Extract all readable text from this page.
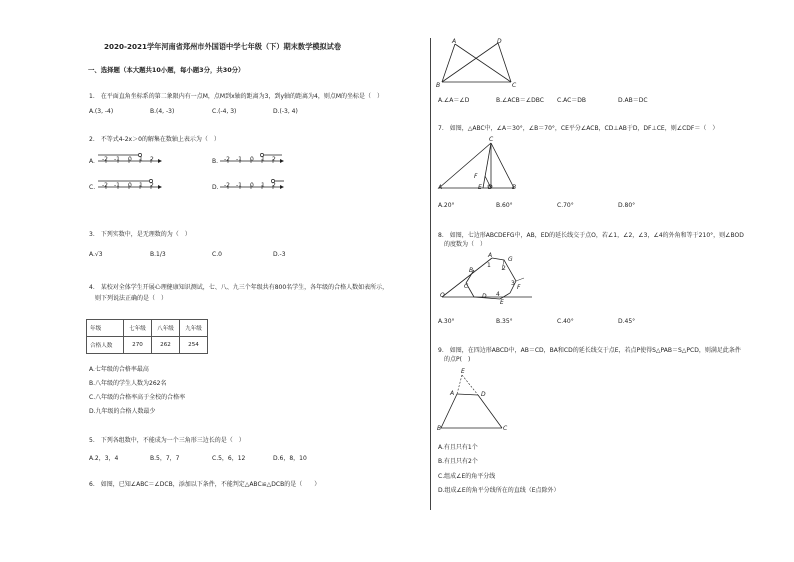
2020-2021学年河南省郑州市外国语中学七年级（下）期末数学模拟试卷
一、选择题（本大题共10小题，每小题3分，共30分）
1.　在平面直角坐标系的第二象限内有一点M，点M到x轴的距离为3，到y轴的距离为4，则点M的坐标是（　）
A.(3, -4)	B.(4, -3)	C.(-4, 3)	D.(-3, 4)
2.　不等式4-2x＞0的解集在数轴上表示为（　）
A. -2 -1 0 1 2	B. -2 -1 0 1 2
C. -2 -1 0 1 2	D. -2 -1 0 1 2
3.　下列实数中，是无理数的为（　）
A.√3	B.1/3	C.0	D.-3
4.　某校对全体学生开展心理健康知识测试，七、八、九三个年级共有800名学生，各年级的合格人数如表所示，
则下列说法正确的是（　）
年级	七年级	八年级	九年级
合格人数	270	262	254
A.七年级的合格率最高
B.八年级的学生人数为262名
C.八年级的合格率高于全校的合格率
D.九年级的合格人数最少
5.　下列各组数中，不能成为一个三角形三边长的是（　）
A.2，3，4	B.5，7，7	C.5，6，12	D.6，8，10
6.　如图，已知∠ABC＝∠DCB，添加以下条件，不能判定△ABC≌△DCB的是（　　）
A	D
B	C
A.∠A＝∠D	B.∠ACB＝∠DBC C.AC＝DB	D.AB＝DC
7.　如图，△ABC中，∠A＝30°，∠B＝70°，CE平分∠ACB，CD⊥AB于D，DF⊥CE，则∠CDF＝（　）
C
F
A	E D	B
A.20°	B.60°	C.70°	D.80°
8.　如图，七边形ABCDEFG中，AB，ED的延长线交于点O，若∠1，∠2，∠3，∠4的外角和等于210°，则∠BOD
的度数为（　）
A
G
1 2
B
C	3
F
O	D 4
E
A.30°	B.35°	C.40°	D.45°
9.　如图，在四边形ABCD中，AB＝CD，BA和CD的延长线交于点E，若点P使得S△PAB＝S△PCD，则满足此条件
的点P(　)
E
A	D
B	C
A.有且只有1个
B.有且只有2个
C.组成∠E的角平分线
D.组成∠E的角平分线所在的直线（E点除外）
